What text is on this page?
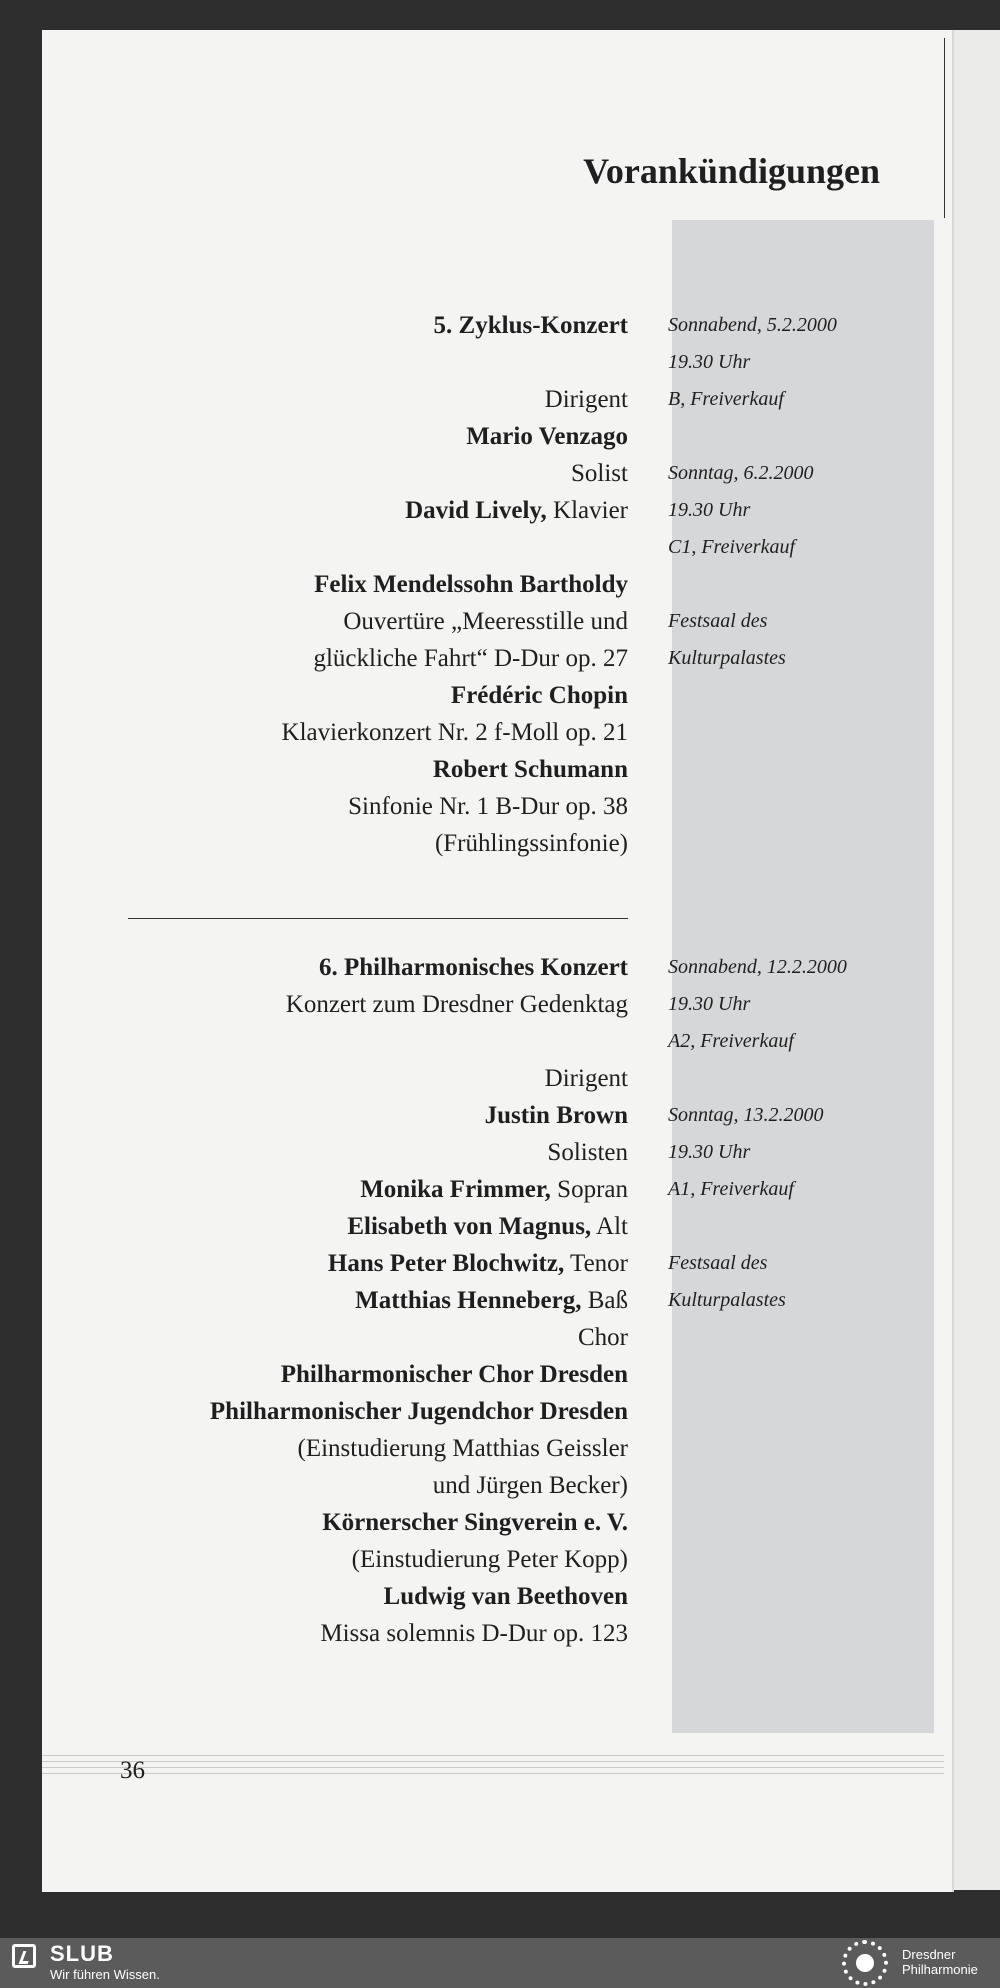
Vorankündigungen
5. Zyklus-Konzert
Dirigent
Mario Venzago
Solist
David Lively, Klavier
Felix Mendelssohn Bartholdy
Ouvertüre „Meeresstille und
glückliche Fahrt“ D-Dur op. 27
Frédéric Chopin
Klavierkonzert Nr. 2 f-Moll op. 21
Robert Schumann
Sinfonie Nr. 1 B-Dur op. 38
(Frühlingssinfonie)
Sonnabend, 5.2.2000
19.30 Uhr
B, Freiverkauf
Sonntag, 6.2.2000
19.30 Uhr
C1, Freiverkauf
Festsaal des
Kulturpalastes
6. Philharmonisches Konzert
Konzert zum Dresdner Gedenktag
Dirigent
Justin Brown
Solisten
Monika Frimmer, Sopran
Elisabeth von Magnus, Alt
Hans Peter Blochwitz, Tenor
Matthias Henneberg, Baß
Chor
Philharmonischer Chor Dresden
Philharmonischer Jugendchor Dresden
(Einstudierung Matthias Geissler
und Jürgen Becker)
Körnerscher Singverein e. V.
(Einstudierung Peter Kopp)
Ludwig van Beethoven
Missa solemnis D-Dur op. 123
Sonnabend, 12.2.2000
19.30 Uhr
A2, Freiverkauf
Sonntag, 13.2.2000
19.30 Uhr
A1, Freiverkauf
Festsaal des
Kulturpalastes
36
SLUB
Wir führen Wissen.
Dresdner
Philharmonie
